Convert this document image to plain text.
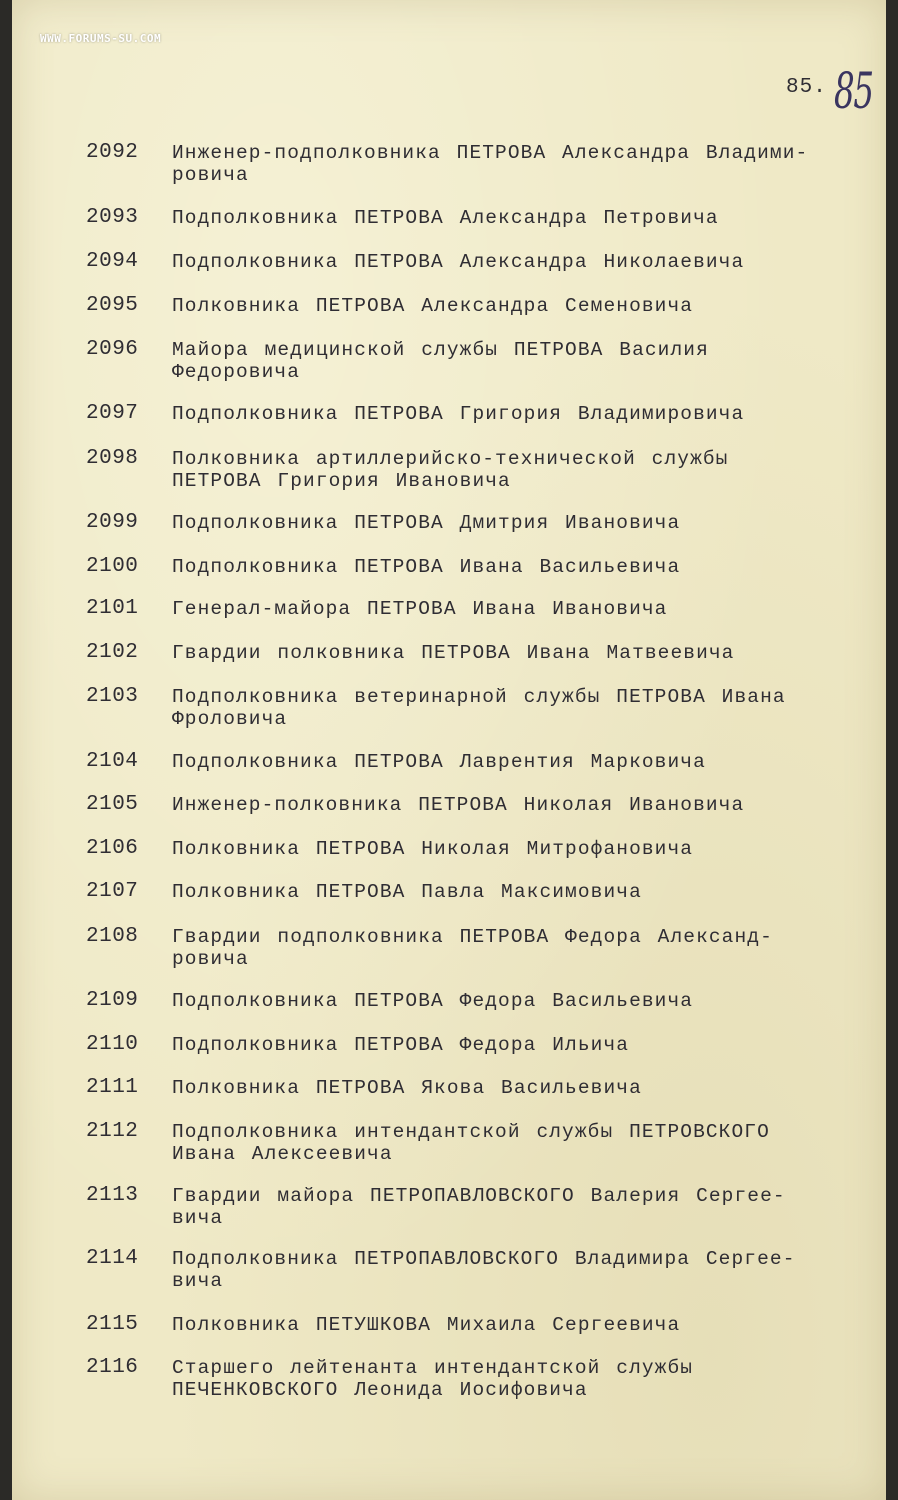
WWW.FORUMS-SU.COM
85. 85
2092	Инженер-подполковника ПЕТРОВА Александра Владими-
ровича
2093	Подполковника ПЕТРОВА Александра Петровича
2094	Подполковника ПЕТРОВА Александра Николаевича
2095	Полковника ПЕТРОВА Александра Семеновича
2096	Майора медицинской службы ПЕТРОВА Василия
Федоровича
2097	Подполковника ПЕТРОВА Григория Владимировича
2098	Полковника артиллерийско-технической службы
ПЕТРОВА Григория Ивановича
2099	Подполковника ПЕТРОВА Дмитрия Ивановича
2100	Подполковника ПЕТРОВА Ивана Васильевича
2101	Генерал-майора ПЕТРОВА Ивана Ивановича
2102	Гвардии полковника ПЕТРОВА Ивана Матвеевича
2103	Подполковника ветеринарной службы ПЕТРОВА Ивана
Фроловича
2104	Подполковника ПЕТРОВА Лаврентия Марковича
2105	Инженер-полковника ПЕТРОВА Николая Ивановича
2106	Полковника ПЕТРОВА Николая Митрофановича
2107	Полковника ПЕТРОВА Павла Максимовича
2108	Гвардии подполковника ПЕТРОВА Федора Александ-
ровича
2109	Подполковника ПЕТРОВА Федора Васильевича
2110	Подполковника ПЕТРОВА Федора Ильича
2111	Полковника ПЕТРОВА Якова Васильевича
2112	Подполковника интендантской службы ПЕТРОВСКОГО
Ивана Алексеевича
2113	Гвардии майора ПЕТРОПАВЛОВСКОГО Валерия Сергее-
вича
2114	Подполковника ПЕТРОПАВЛОВСКОГО Владимира Сергее-
вича
2115	Полковника ПЕТУШКОВА Михаила Сергеевича
2116	Старшего лейтенанта интендантской службы
ПЕЧЕНКОВСКОГО Леонида Иосифовича
